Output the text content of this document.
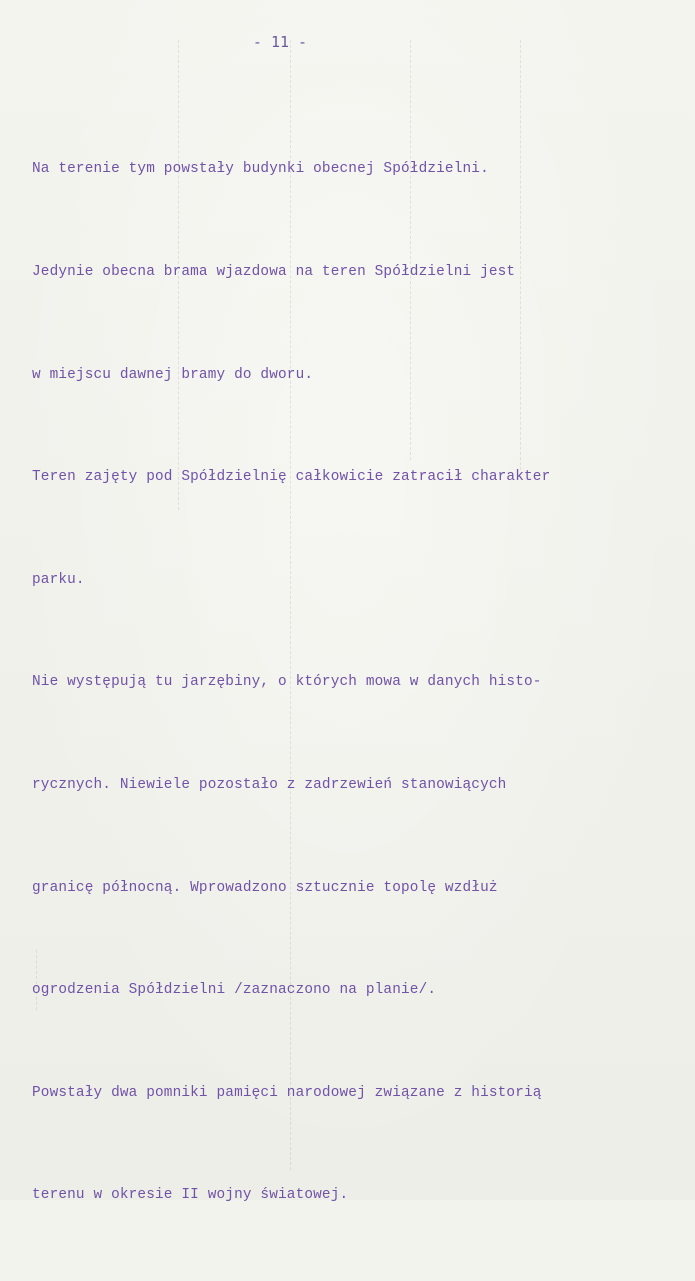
- 11 -

Na terenie tym powstały budynki obecnej Spółdzielni.

Jedynie obecna brama wjazdowa na teren Spółdzielni jest

w miejscu dawnej bramy do dworu.

Teren zajęty pod Spółdzielnię całkowicie zatracił charakter

parku.

Nie występują tu jarzębiny, o których mowa w danych histo-

rycznych. Niewiele pozostało z zadrzewień stanowiących

granicę północną. Wprowadzono sztucznie topolę wzdłuż

ogrodzenia Spółdzielni /zaznaczono na planie/.

Powstały dwa pomniki pamięci narodowej związane z historią

terenu w okresie II wojny światowej.
